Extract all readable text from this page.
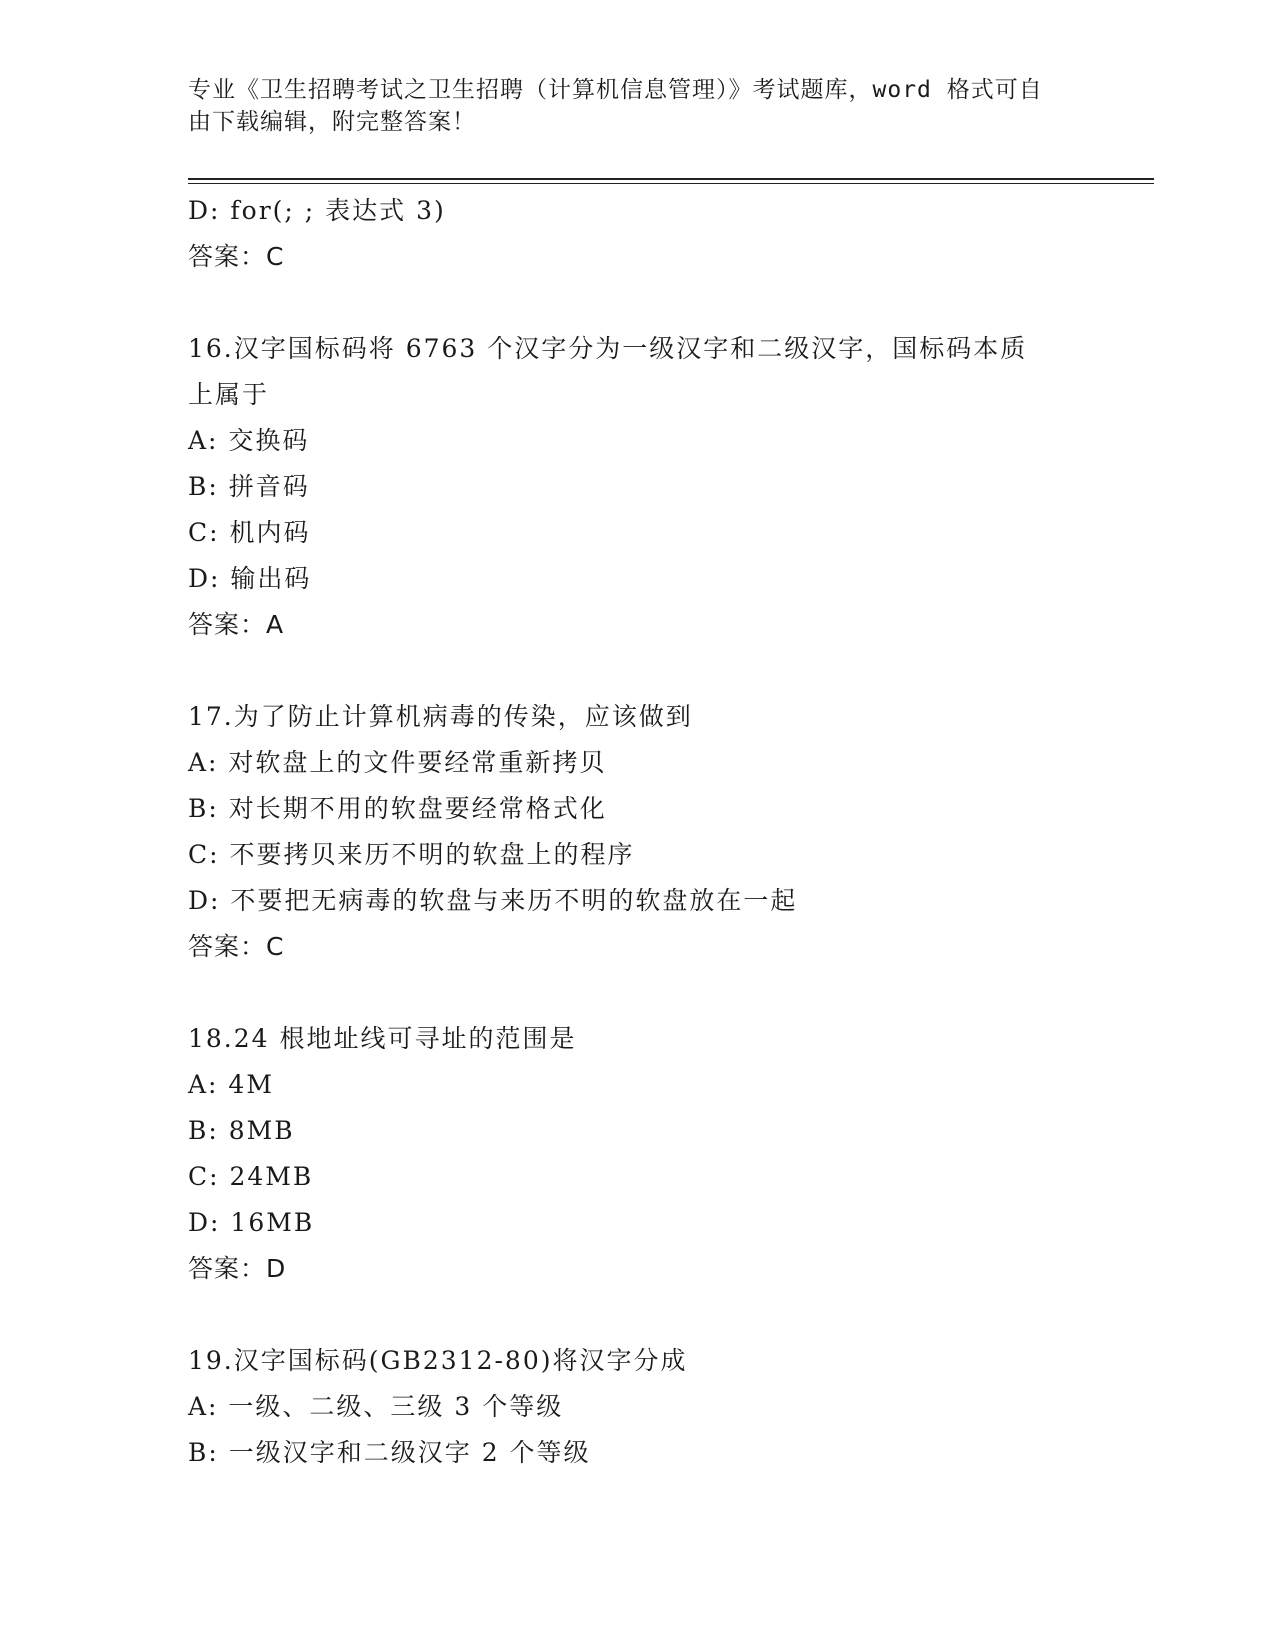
专业《卫生招聘考试之卫生招聘（计算机信息管理）》考试题库，word 格式可自
由下载编辑，附完整答案！
D: for(; ; 表达式 3)
答案：C
16.汉字国标码将 6763 个汉字分为一级汉字和二级汉字，国标码本质
上属于
A: 交换码
B: 拼音码
C: 机内码
D: 输出码
答案：A
17.为了防止计算机病毒的传染，应该做到
A: 对软盘上的文件要经常重新拷贝
B: 对长期不用的软盘要经常格式化
C: 不要拷贝来历不明的软盘上的程序
D: 不要把无病毒的软盘与来历不明的软盘放在一起
答案：C
18.24 根地址线可寻址的范围是
A: 4M
B: 8MB
C: 24MB
D: 16MB
答案：D
19.汉字国标码(GB2312-80)将汉字分成
A: 一级、二级、三级 3 个等级
B: 一级汉字和二级汉字 2 个等级
